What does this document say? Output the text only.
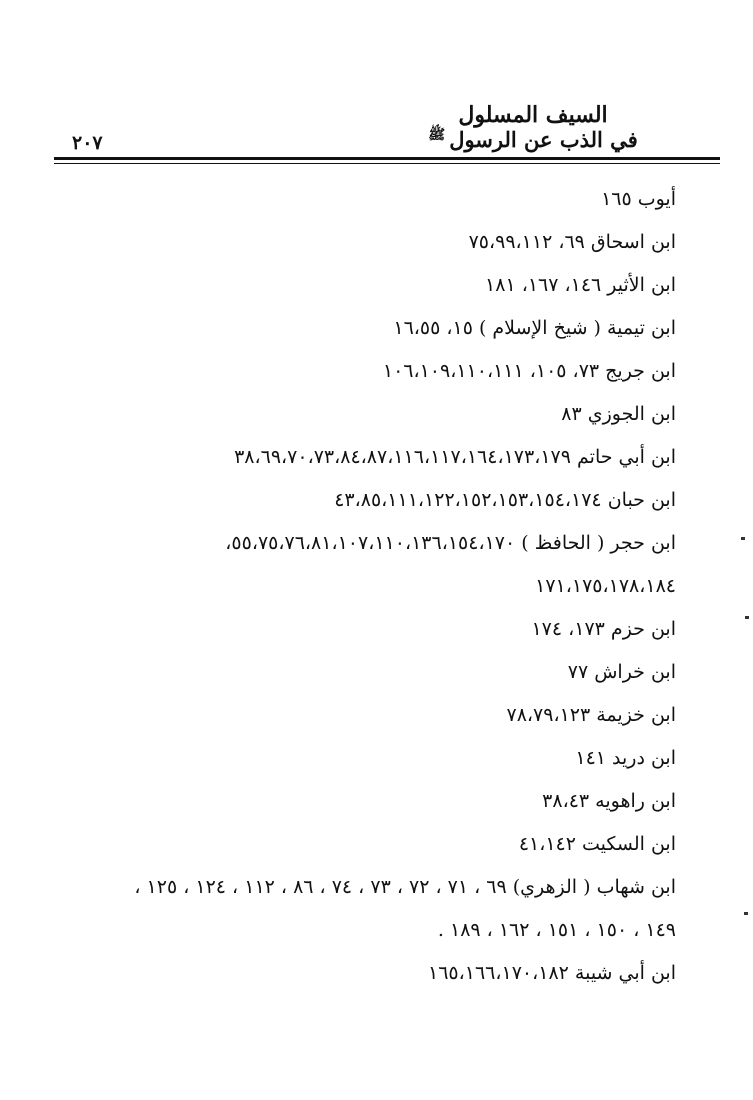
السيف المسلول
في الذب عن الرسول$^ﷺ$
٢٠٧
أيوب ١٦٥
ابن اسحاق ٦٩، ٧٥،٩٩،١١٢
ابن الأثير ١٤٦، ١٦٧، ١٨١
ابن تيمية ( شيخ الإسلام ) ١٥، ١٦،٥٥
ابن جريج ٧٣، ١٠٥، ١٠٦،١٠٩،١١٠،١١١
ابن الجوزي ٨٣
ابن أبي حاتم ٣٨،٦٩،٧٠،٧٣،٨٤،٨٧،١١٦،١١٧،١٦٤،١٧٣،١٧٩
ابن حبان ٤٣،٨٥،١١١،١٢٢،١٥٢،١٥٣،١٥٤،١٧٤
ابن حجر ( الحافظ ) ٥٥،٧٥،٧٦،٨١،١٠٧،١١٠،١٣٦،١٥٤،١٧٠،
١٧١،١٧٥،١٧٨،١٨٤
ابن حزم ١٧٣، ١٧٤
ابن خراش ٧٧
ابن خزيمة ٧٨،٧٩،١٢٣
ابن دريد ١٤١
ابن راهويه ٣٨،٤٣
ابن السكيت ٤١،١٤٢
ابن شهاب ( الزهري) ٦٩ ، ٧١ ، ٧٢ ، ٧٣ ، ٧٤ ، ٨٦ ، ١١٢ ، ١٢٤ ، ١٢٥ ،
١٤٩ ، ١٥٠ ، ١٥١ ، ١٦٢ ، ١٨٩ .
ابن أبي شيبة ١٦٥،١٦٦،١٧٠،١٨٢
